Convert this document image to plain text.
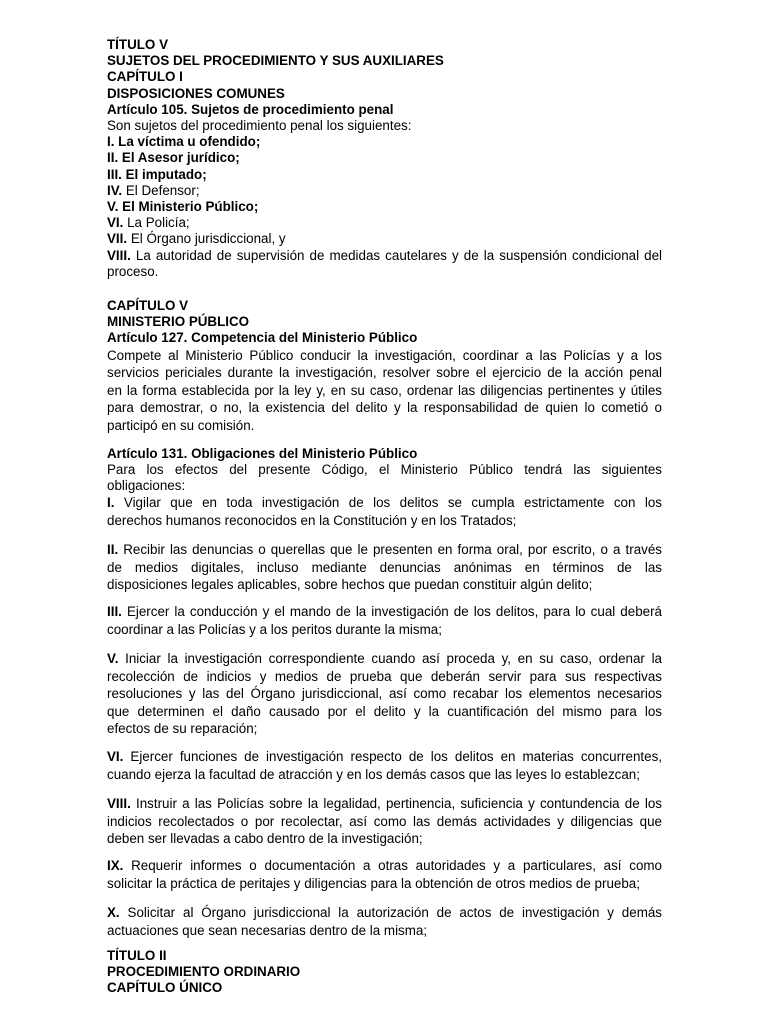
TÍTULO V
SUJETOS DEL PROCEDIMIENTO Y SUS AUXILIARES
CAPÍTULO I
DISPOSICIONES COMUNES
Artículo 105. Sujetos de procedimiento penal
Son sujetos del procedimiento penal los siguientes:
I. La víctima u ofendido;
II. El Asesor jurídico;
III. El imputado;
IV. El Defensor;
V. El Ministerio Público;
VI. La Policía;
VII. El Órgano jurisdiccional, y
VIII. La autoridad de supervisión de medidas cautelares y de la suspensión condicional del
proceso.
CAPÍTULO V
MINISTERIO PÚBLICO
Artículo 127. Competencia del Ministerio Público
Compete al Ministerio Público conducir la investigación, coordinar a las Policías y a los
servicios periciales durante la investigación, resolver sobre el ejercicio de la acción penal
en la forma establecida por la ley y, en su caso, ordenar las diligencias pertinentes y útiles
para demostrar, o no, la existencia del delito y la responsabilidad de quien lo cometió o
participó en su comisión.
Artículo 131. Obligaciones del Ministerio Público
Para los efectos del presente Código, el Ministerio Público tendrá las siguientes
obligaciones:
I. Vigilar que en toda investigación de los delitos se cumpla estrictamente con los
derechos humanos reconocidos en la Constitución y en los Tratados;
II. Recibir las denuncias o querellas que le presenten en forma oral, por escrito, o a través
de medios digitales, incluso mediante denuncias anónimas en términos de las
disposiciones legales aplicables, sobre hechos que puedan constituir algún delito;
III. Ejercer la conducción y el mando de la investigación de los delitos, para lo cual deberá
coordinar a las Policías y a los peritos durante la misma;
V. Iniciar la investigación correspondiente cuando así proceda y, en su caso, ordenar la
recolección de indicios y medios de prueba que deberán servir para sus respectivas
resoluciones y las del Órgano jurisdiccional, así como recabar los elementos necesarios
que determinen el daño causado por el delito y la cuantificación del mismo para los
efectos de su reparación;
VI. Ejercer funciones de investigación respecto de los delitos en materias concurrentes,
cuando ejerza la facultad de atracción y en los demás casos que las leyes lo establezcan;
VIII. Instruir a las Policías sobre la legalidad, pertinencia, suficiencia y contundencia de los
indicios recolectados o por recolectar, así como las demás actividades y diligencias que
deben ser llevadas a cabo dentro de la investigación;
IX. Requerir informes o documentación a otras autoridades y a particulares, así como
solicitar la práctica de peritajes y diligencias para la obtención de otros medios de prueba;
X. Solicitar al Órgano jurisdiccional la autorización de actos de investigación y demás
actuaciones que sean necesarias dentro de la misma;
TÍTULO II
PROCEDIMIENTO ORDINARIO
CAPÍTULO ÚNICO
